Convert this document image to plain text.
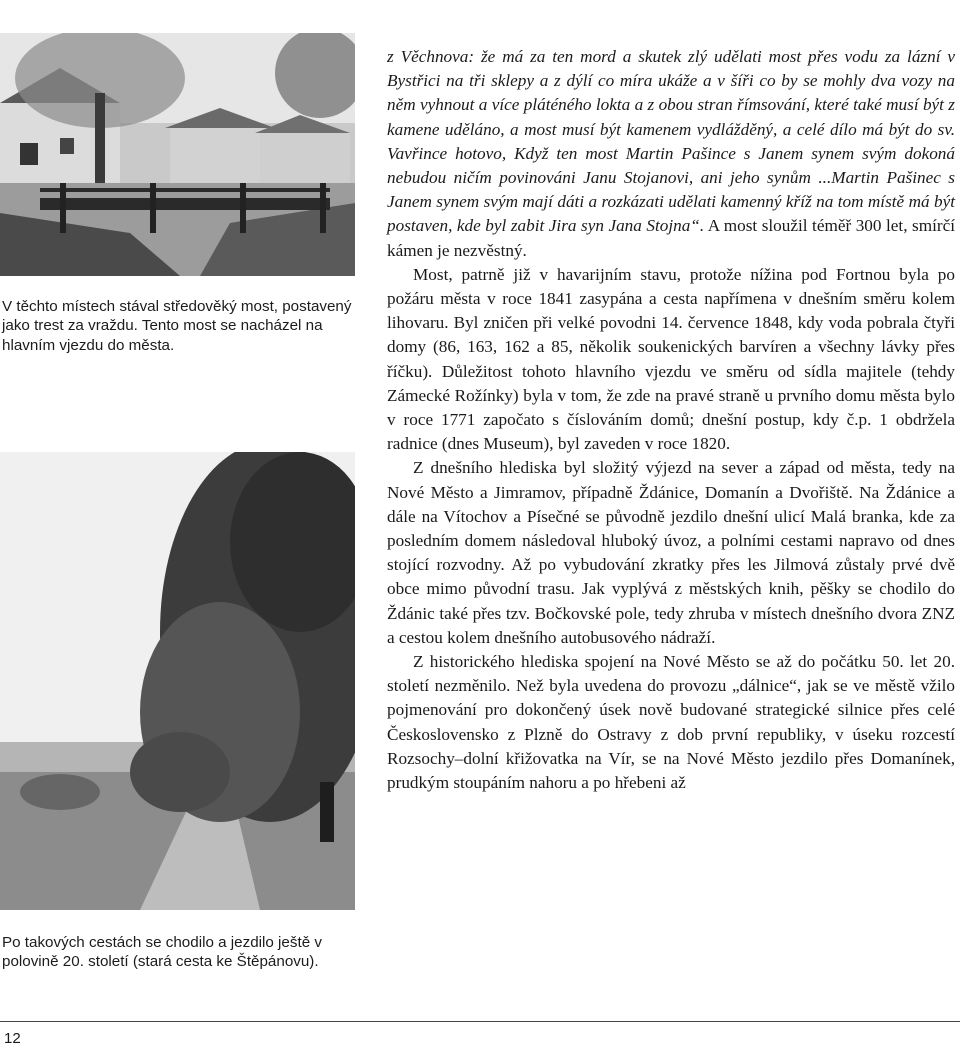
V těchto místech stával středověký most, postavený jako trest za vraždu. Tento most se nacházel na hlavním vjezdu do města.
Po takových cestách se chodilo a jezdilo ještě v polovině 20. století (stará cesta ke Štěpánovu).

z Věchnova: že má za ten mord a skutek zlý udělati most přes vodu za lázní v Bystřici na tři sklepy a z dýlí co míra ukáže a v šíři co by se mohly dva vozy na něm vyhnout a více pláténého lokta a z obou stran římsování, které také musí být z kamene uděláno, a most musí být kamenem vydlážděný, a celé dílo má být do sv. Vavřince hotovo, Když ten most Martin Pašince s Janem synem svým dokoná nebudou ničím povinováni Janu Stojanovi, ani jeho synům ...Martin Pašinec s Janem synem svým mají dáti a rozkázati udělati kamenný kříž na tom místě má být postaven, kde byl zabit Jira syn Jana Stojna“. A most sloužil téměř 300 let, smírčí kámen je nezvěstný.

Most, patrně již v havarijním stavu, protože nížina pod Fortnou byla po požáru města v roce 1841 zasypána a cesta napřímena v dnešním směru kolem lihovaru. Byl zničen při velké povodni 14. července 1848, kdy voda pobrala čtyři domy (86, 163, 162 a 85, několik soukenických barvíren a všechny lávky přes říčku). Důležitost tohoto hlavního vjezdu ve směru od sídla majitele (tehdy Zámecké Rožínky) byla v tom, že zde na pravé straně u prvního domu města bylo v roce 1771 započato s číslováním domů; dnešní postup, kdy č.p. 1 obdržela radnice (dnes Museum), byl zaveden v roce 1820.

Z dnešního hlediska byl složitý výjezd na sever a západ od města, tedy na Nové Město a Jimramov, případně Ždánice, Domanín a Dvořiště. Na Ždánice a dále na Vítochov a Písečné se původně jezdilo dnešní ulicí Malá branka, kde za posledním domem následoval hluboký úvoz, a polními cestami napravo od dnes stojící rozvodny. Až po vybudování zkratky přes les Jilmová zůstaly prvé dvě obce mimo původní trasu. Jak vyplývá z městských knih, pěšky se chodilo do Ždánic také přes tzv. Bočkovské pole, tedy zhruba v místech dnešního dvora ZNZ a cestou kolem dnešního autobusového nádraží.

Z historického hlediska spojení na Nové Město se až do počátku 50. let 20. století nezměnilo. Než byla uvedena do provozu „dálnice“, jak se ve městě vžilo pojmenování pro dokončený úsek nově budované strategické silnice přes celé Československo z Plzně do Ostravy z dob první republiky, v úseku rozcestí Rozsochy–dolní křižovatka na Vír, se na Nové Město jezdilo přes Domanínek, prudkým stoupáním nahoru a po hřebeni až

12
